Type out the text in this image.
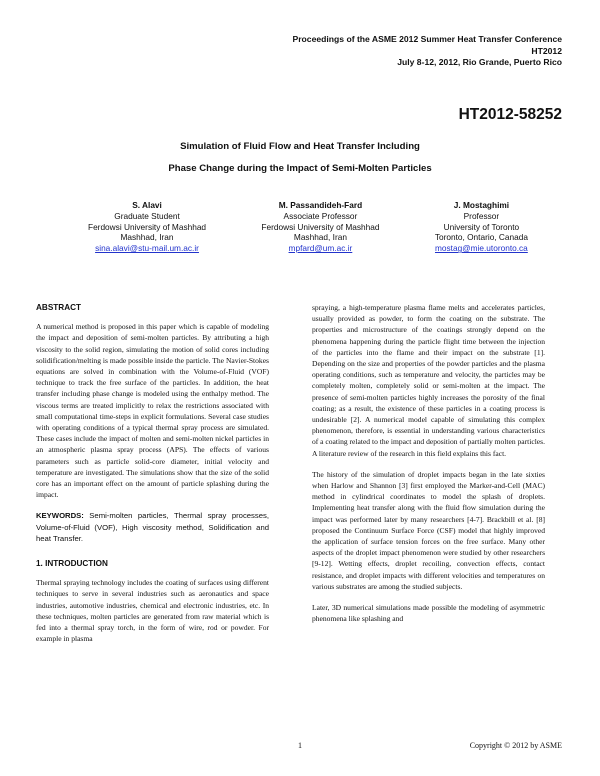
Proceedings of the ASME 2012 Summer Heat Transfer Conference
HT2012
July 8-12, 2012, Rio Grande, Puerto Rico
HT2012-58252
Simulation of Fluid Flow and Heat Transfer Including
Phase Change during the Impact of Semi-Molten Particles
S. Alavi
Graduate Student
Ferdowsi University of Mashhad
Mashhad, Iran
sina.alavi@stu-mail.um.ac.ir
M. Passandideh-Fard
Associate Professor
Ferdowsi University of Mashhad
Mashhad, Iran
mpfard@um.ac.ir
J. Mostaghimi
Professor
University of Toronto
Toronto, Ontario, Canada
mostag@mie.utoronto.ca
ABSTRACT
A numerical method is proposed in this paper which is capable of modeling the impact and deposition of semi-molten particles. By attributing a high viscosity to the solid region, simulating the motion of solid cores including solidification/melting is made possible inside the particle. The Navier-Stokes equations are solved in combination with the Volume-of-Fluid (VOF) technique to track the free surface of the particles. In addition, the heat transfer including phase change is modeled using the enthalpy method. The viscous terms are treated implicitly to relax the restrictions associated with small computational time-steps in explicit formulations. Several case studies with operating conditions of a typical thermal spray process are simulated. These cases include the impact of molten and semi-molten nickel particles in an atmospheric plasma spray process (APS). The effects of various parameters such as particle solid-core diameter, initial velocity and temperature are investigated. The simulations show that the size of the solid core has an important effect on the amount of particle splashing during the impact.
KEYWORDS: Semi-molten particles, Thermal spray processes, Volume-of-Fluid (VOF), High viscosity method, Solidification and heat Transfer.
1. INTRODUCTION
Thermal spraying technology includes the coating of surfaces using different techniques to serve in several industries such as aeronautics and space industries, automotive industries, chemical and electronic industries, etc. In these techniques, molten particles are generated from raw material which is fed into a thermal spray torch, in the form of wire, rod or powder. For example in plasma
spraying, a high-temperature plasma flame melts and accelerates particles, usually provided as powder, to form the coating on the substrate. The properties and microstructure of the coatings strongly depend on the phenomena happening during the particle flight time between the injection of the particles into the flame and their impact on the substrate [1]. Depending on the size and properties of the powder particles and the plasma operating conditions, such as temperature and velocity, the particles may be completely molten, completely solid or semi-molten at the impact. The presence of semi-molten particles highly increases the porosity of the final coating; as a result, the existence of these particles in a coating process is undesirable [2]. A numerical model capable of simulating this complex phenomenon, therefore, is essential in understanding various characteristics of a coating related to the impact and deposition of partially molten particles. A literature review of the research in this field explains this fact.
The history of the simulation of droplet impacts began in the late sixties when Harlow and Shannon [3] first employed the Marker-and-Cell (MAC) method in cylindrical coordinates to model the splash of droplets. Implementing heat transfer along with the fluid flow simulation during the impact was performed later by many researchers [4-7]. Brackbill et al. [8] proposed the Continuum Surface Force (CSF) model that highly improved the application of surface tension forces on the free surface. Many other aspects of the droplet impact phenomenon were studied by other researchers [9-12]. Wetting effects, droplet recoiling, convection effects, contact resistance, and droplet impacts with different velocities and temperatures on various substrates are among the studied subjects.
Later, 3D numerical simulations made possible the modeling of asymmetric phenomena like splashing and
1	Copyright © 2012 by ASME
